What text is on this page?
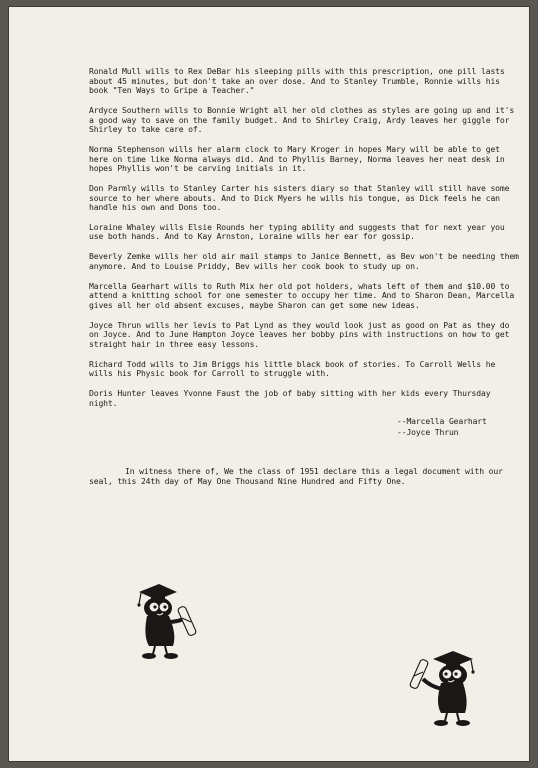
Ronald Mull wills to Rex DeBar his sleeping pills with this prescription, one pill lasts about 45 minutes, but don't take an over dose. And to Stanley Trumble, Ronnie wills his book "Ten Ways to Gripe a Teacher."

Ardyce Southern wills to Bonnie Wright all her old clothes as styles are going up and it's a good way to save on the family budget. And to Shirley Craig, Ardy leaves her giggle for Shirley to take care of.

Norma Stephenson wills her alarm clock to Mary Kroger in hopes Mary will be able to get here on time like Norma always did. And to Phyllis Barney, Norma leaves her neat desk in hopes Phyllis won't be carving initials in it.

Don Parmly wills to Stanley Carter his sisters diary so that Stanley will still have some source to her where abouts. And to Dick Myers he wills his tongue, as Dick feels he can handle his own and Dons too.

Loraine Whaley wills Elsie Rounds her typing ability and suggests that for next year you use both hands. And to Kay Arnston, Loraine wills her ear for gossip.

Beverly Zemke wills her old air mail stamps to Janice Bennett, as Bev won't be needing them anymore. And to Louise Priddy, Bev wills her cook book to study up on.

Marcella Gearhart wills to Ruth Mix her old pot holders, whats left of them and $10.00 to attend a knitting school for one semester to occupy her time. And to Sharon Dean, Marcella gives all her old absent excuses, maybe Sharon can get some new ideas.

Joyce Thrun wills her levis to Pat Lynd as they would look just as good on Pat as they do on Joyce. And to June Hampton Joyce leaves her bobby pins with instructions on how to get straight hair in three easy lessons.

Richard Todd wills to Jim Briggs his little black book of stories. To Carroll Wells he wills his Physic book for Carroll to struggle with.

Doris Hunter leaves Yvonne Faust the job of baby sitting with her kids every Thursday night.

--Marcella Gearhart

--Joyce Thrun

In witness there of, We the class of 1951 declare this a legal document with our seal, this 24th day of May One Thousand Nine Hundred and Fifty One.
